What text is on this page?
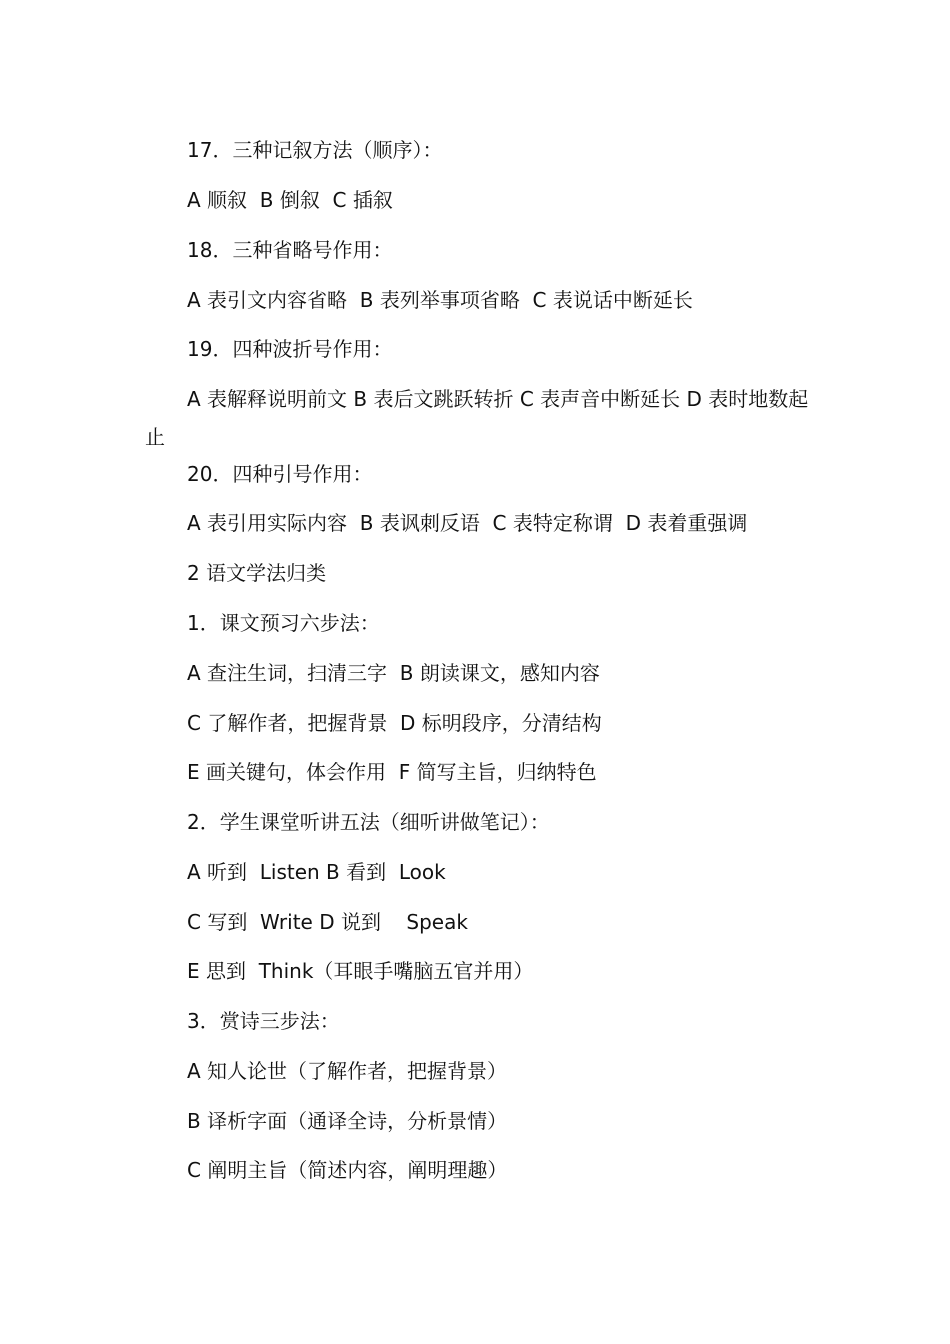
17．三种记叙方法（顺序）：
A 顺叙  B 倒叙  C 插叙
18．三种省略号作用：
A 表引文内容省略  B 表列举事项省略  C 表说话中断延长
19．四种波折号作用：
A 表解释说明前文 B 表后文跳跃转折 C 表声音中断延长 D 表时地数起止
20．四种引号作用：
A 表引用实际内容  B 表讽刺反语  C 表特定称谓  D 表着重强调
2 语文学法归类
1．课文预习六步法：
A 查注生词，扫清三字  B 朗读课文，感知内容
C 了解作者，把握背景  D 标明段序，分清结构
E 画关键句，体会作用  F 简写主旨，归纳特色
2．学生课堂听讲五法（细听讲做笔记）：
A 听到  Listen B 看到  Look
C 写到  Write D 说到    Speak
E 思到  Think（耳眼手嘴脑五官并用）
3．赏诗三步法：
A 知人论世（了解作者，把握背景）
B 译析字面（通译全诗，分析景情）
C 阐明主旨（简述内容，阐明理趣）
